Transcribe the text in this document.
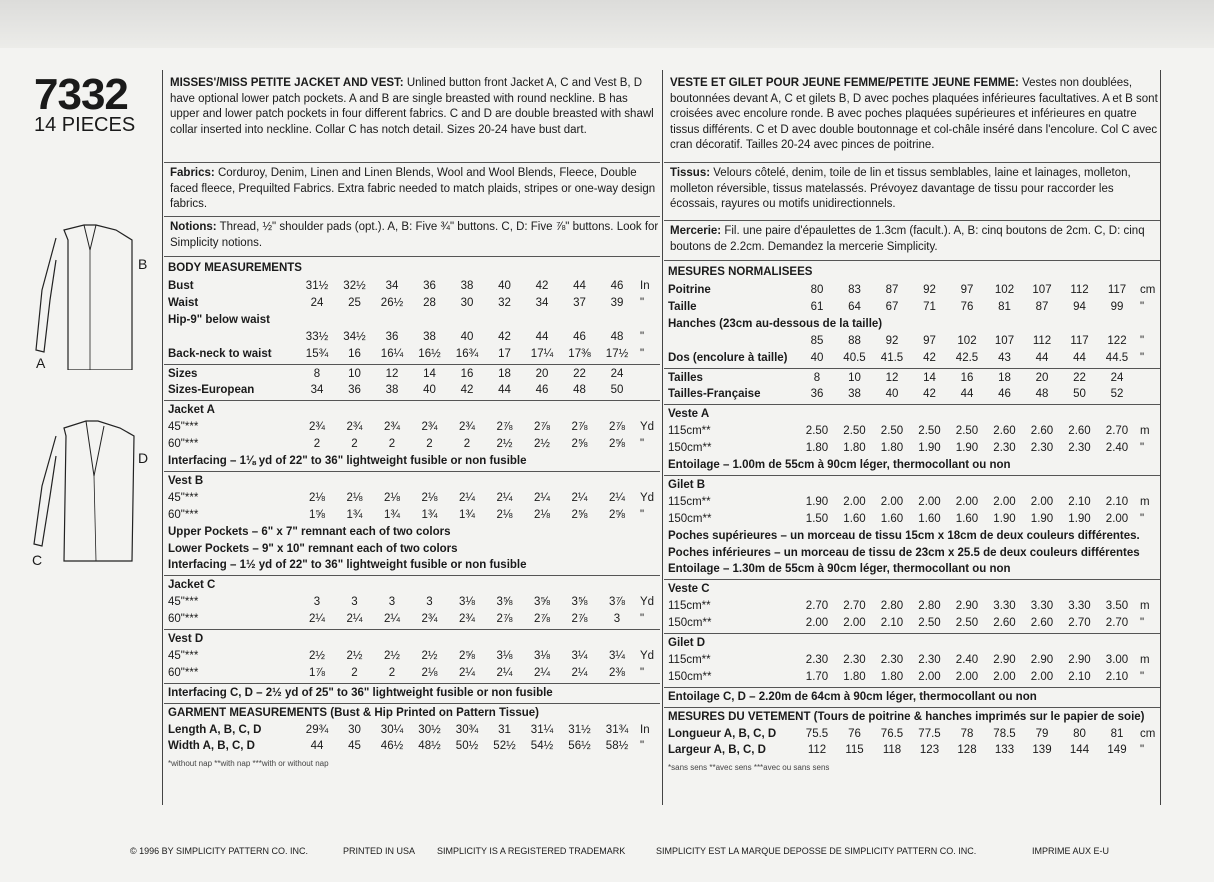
7332
14 PIECES
B
A
D
C
MISSES'/MISS PETITE JACKET AND VEST: Unlined button front Jacket A, C and Vest B, D have optional lower patch pockets. A and B are single breasted with round neckline. B has upper and lower patch pockets in four different fabrics. C and D are double breasted with shawl collar inserted into neckline. Collar C has notch detail. Sizes 20-24 have bust dart.
Fabrics: Corduroy, Denim, Linen and Linen Blends, Wool and Wool Blends, Fleece, Double faced fleece, Prequilted Fabrics. Extra fabric needed to match plaids, stripes or one-way design fabrics.
Notions: Thread, ½" shoulder pads (opt.). A, B: Five ¾" buttons. C, D: Five ⅞" buttons. Look for Simplicity notions.
BODY MEASUREMENTS
Bust	31½	32½	34	36	38	40	42	44	46	In
Waist	24	25	26½	28	30	32	34	37	39	"
Hip-9" below waist
33½	34½	36	38	40	42	44	46	48	"
Back-neck to waist	15¾	16	16¼	16½	16¾	17	17¼	17⅜	17½	"
Sizes	8	10	12	14	16	18	20	22	24
Sizes-European	34	36	38	40	42	44	46	48	50
Jacket A
45"***	2¾	2¾	2¾	2¾	2¾	2⅞	2⅞	2⅞	2⅞	Yd
60"***	2	2	2	2	2	2½	2½	2⅝	2⅝	"
Interfacing – 1⅛ yd of 22" to 36" lightweight fusible or non fusible
Vest B
45"***	2⅛	2⅛	2⅛	2⅛	2¼	2¼	2¼	2¼	2¼	Yd
60"***	1⅝	1¾	1¾	1¾	1¾	2⅛	2⅛	2⅝	2⅝	"
Upper Pockets – 6" x 7" remnant each of two colors
Lower Pockets – 9" x 10" remnant each of two colors
Interfacing – 1½ yd of 22" to 36" lightweight fusible or non fusible
Jacket C
45"***	3	3	3	3	3⅛	3⅝	3⅝	3⅝	3⅞	Yd
60"***	2¼	2¼	2¼	2¾	2¾	2⅞	2⅞	2⅞	3	"
Vest D
45"***	2½	2½	2½	2½	2⅝	3⅛	3⅛	3¼	3¼	Yd
60"***	1⅞	2	2	2⅛	2¼	2¼	2¼	2¼	2⅜	"
Interfacing C, D – 2½ yd of 25" to 36" lightweight fusible or non fusible
GARMENT MEASUREMENTS (Bust & Hip Printed on Pattern Tissue)
Length A, B, C, D	29¾	30	30¼	30½	30¾	31	31¼	31½	31¾	In
Width A, B, C, D	44	45	46½	48½	50½	52½	54½	56½	58½	"
*without nap **with nap ***with or without nap
VESTE ET GILET POUR JEUNE FEMME/PETITE JEUNE FEMME: Vestes non doublées, boutonnées devant A, C et gilets B, D avec poches plaquées inférieures facultatives. A et B sont croisées avec encolure ronde. B avec poches plaquées supérieures et inférieures en quatre tissus différents. C et D avec double boutonnage et col-châle inséré dans l'encolure. Col C avec cran décoratif. Tailles 20-24 avec pinces de poitrine.
Tissus: Velours côtelé, denim, toile de lin et tissus semblables, laine et lainages, molleton, molleton réversible, tissus matelassés. Prévoyez davantage de tissu pour raccorder les écossais, rayures ou motifs unidirectionnels.
Mercerie: Fil. une paire d'épaulettes de 1.3cm (facult.). A, B: cinq boutons de 2cm. C, D: cinq boutons de 2.2cm. Demandez la mercerie Simplicity.
MESURES NORMALISEES
Poitrine	80	83	87	92	97	102	107	112	117	cm
Taille	61	64	67	71	76	81	87	94	99	"
Hanches (23cm au-dessous de la taille)
85	88	92	97	102	107	112	117	122	"
Dos (encolure à taille)	40	40.5	41.5	42	42.5	43	44	44	44.5	"
Tailles	8	10	12	14	16	18	20	22	24
Tailles-Française	36	38	40	42	44	46	48	50	52
Veste A
115cm**	2.50	2.50	2.50	2.50	2.50	2.60	2.60	2.60	2.70	m
150cm**	1.80	1.80	1.80	1.90	1.90	2.30	2.30	2.30	2.40	"
Entoilage – 1.00m de 55cm à 90cm léger, thermocollant ou non
Gilet B
115cm**	1.90	2.00	2.00	2.00	2.00	2.00	2.00	2.10	2.10	m
150cm**	1.50	1.60	1.60	1.60	1.60	1.90	1.90	1.90	2.00	"
Poches supérieures – un morceau de tissu 15cm x 18cm de deux couleurs différentes.
Poches inférieures – un morceau de tissu de 23cm x 25.5 de deux couleurs différentes
Entoilage – 1.30m de 55cm à 90cm léger, thermocollant ou non
Veste C
115cm**	2.70	2.70	2.80	2.80	2.90	3.30	3.30	3.30	3.50	m
150cm**	2.00	2.00	2.10	2.50	2.50	2.60	2.60	2.70	2.70	"
Gilet D
115cm**	2.30	2.30	2.30	2.30	2.40	2.90	2.90	2.90	3.00	m
150cm**	1.70	1.80	1.80	2.00	2.00	2.00	2.00	2.10	2.10	"
Entoilage C, D – 2.20m de 64cm à 90cm léger, thermocollant ou non
MESURES DU VETEMENT (Tours de poitrine & hanches imprimés sur le papier de soie)
Longueur A, B, C, D	75.5	76	76.5	77.5	78	78.5	79	80	81	cm
Largeur A, B, C, D	112	115	118	123	128	133	139	144	149	"
*sans sens **avec sens ***avec ou sans sens
© 1996 BY SIMPLICITY PATTERN CO. INC.	PRINTED IN USA SIMPLICITY IS A REGISTERED TRADEMARK	SIMPLICITY EST LA MARQUE DEPOSSE DE SIMPLICITY PATTERN CO. INC.	IMPRIME AUX E-U
